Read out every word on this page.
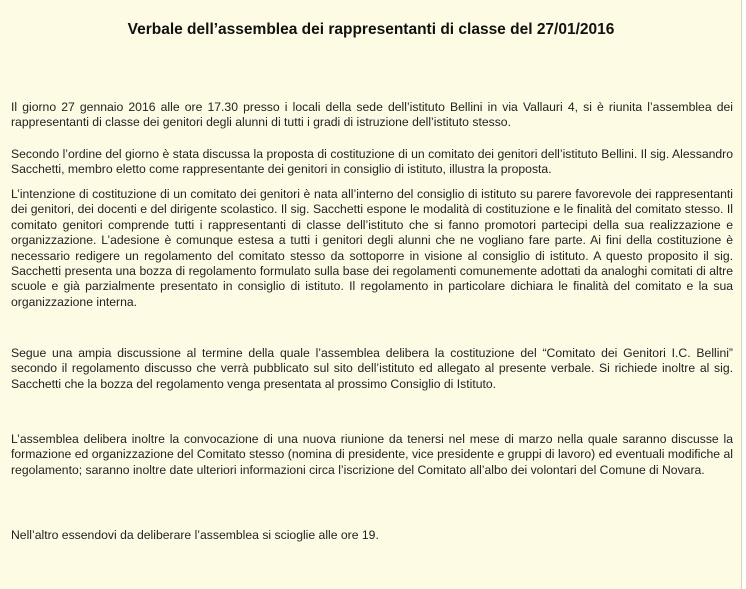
Verbale dell’assemblea dei rappresentanti di classe del 27/01/2016

Il giorno 27 gennaio 2016 alle ore 17.30 presso i locali della sede dell’istituto Bellini in via Vallauri 4, si è riunita l’assemblea dei rappresentanti di classe dei genitori degli alunni di tutti i gradi di istruzione dell’istituto stesso.

Secondo l’ordine del giorno è stata discussa la proposta di costituzione di un comitato dei genitori dell’istituto Bellini. Il sig. Alessandro Sacchetti, membro eletto come rappresentante dei genitori in consiglio di istituto, illustra la proposta.

L’intenzione di costituzione di un comitato dei genitori è nata all’interno del consiglio di istituto su parere favorevole dei rappresentanti dei genitori, dei docenti e del dirigente scolastico. Il sig. Sacchetti espone le modalità di costituzione e le finalità del comitato stesso. Il comitato genitori comprende tutti i rappresentanti di classe dell’istituto che si fanno promotori partecipi della sua realizzazione e organizzazione. L’adesione è comunque estesa a tutti i genitori degli alunni che ne vogliano fare parte. Ai fini della costituzione è necessario redigere un regolamento del comitato stesso da sottoporre in visione al consiglio di istituto. A questo proposito il sig. Sacchetti presenta una bozza di regolamento formulato sulla base dei regolamenti comunemente adottati da analoghi comitati di altre scuole e già parzialmente presentato in consiglio di istituto. Il regolamento in particolare dichiara le finalità del comitato e la sua organizzazione interna.

Segue una ampia discussione al termine della quale l’assemblea delibera la costituzione del “Comitato dei Genitori I.C. Bellini” secondo il regolamento discusso che verrà pubblicato sul sito dell’istituto ed allegato al presente verbale. Si richiede inoltre al sig. Sacchetti che la bozza del regolamento venga presentata al prossimo Consiglio di Istituto.

L’assemblea delibera inoltre la convocazione di una nuova riunione da tenersi nel mese di marzo nella quale saranno discusse la formazione ed organizzazione del Comitato stesso (nomina di presidente, vice presidente e gruppi di lavoro) ed eventuali modifiche al regolamento; saranno inoltre date ulteriori informazioni circa l’iscrizione del Comitato all’albo dei volontari del Comune di Novara.

Nell’altro essendovi da deliberare l’assemblea si scioglie alle ore 19.
